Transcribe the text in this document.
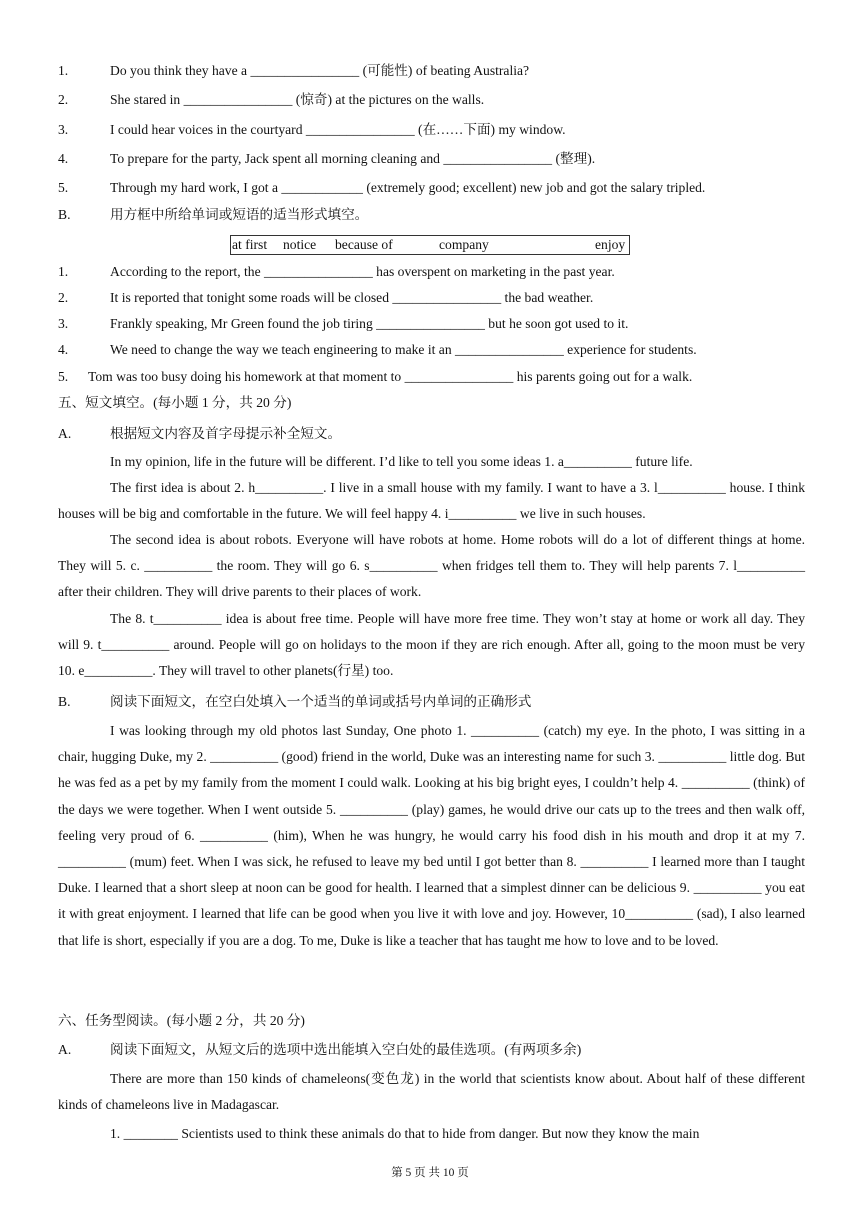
1.	Do you think they have a ________________ (可能性) of beating Australia?
2.	She stared in ________________ (惊奇) at the pictures on the walls.
3.	I could hear voices in the courtyard ________________ (在……下面) my window.
4.	To prepare for the party, Jack spent all morning cleaning and ________________ (整理).
5.	Through my hard work, I got a ____________ (extremely good; excellent) new job and got the salary tripled.
B.	用方框中所给单词或短语的适当形式填空。
at first notice because of	company	enjoy
1.	According to the report, the ________________ has overspent on marketing in the past year.
2.	It is reported that tonight some roads will be closed ________________ the bad weather.
3.	Frankly speaking, Mr Green found the job tiring ________________ but he soon got used to it.
4.	We need to change the way we teach engineering to make it an ________________ experience for students.
5. Tom was too busy doing his homework at that moment to ________________ his parents going out for a walk.
五、短文填空。(每小题 1 分，共 20 分)
A.	根据短文内容及首字母提示补全短文。

In my opinion, life in the future will be different. I’d like to tell you some ideas 1. a__________ future life.

The first idea is about 2. h__________. I live in a small house with my family. I want to have a 3. l__________ house. I think houses will be big and comfortable in the future. We will feel happy 4. i__________ we live in such houses.

The second idea is about robots. Everyone will have robots at home. Home robots will do a lot of different things at home. They will 5. c. __________ the room. They will go 6. s__________ when fridges tell them to. They will help parents 7. l__________ after their children. They will drive parents to their places of work.

The 8. t__________ idea is about free time. People will have more free time. They won’t stay at home or work all day. They will 9. t__________ around. People will go on holidays to the moon if they are rich enough. After all, going to the moon must be very 10. e__________. They will travel to other planets(行星) too.

B.	阅读下面短文，在空白处填入一个适当的单词或括号内单词的正确形式

I was looking through my old photos last Sunday, One photo 1. __________ (catch) my eye. In the photo, I was sitting in a chair, hugging Duke, my 2. __________ (good) friend in the world, Duke was an interesting name for such 3. __________ little dog. But he was fed as a pet by my family from the moment I could walk. Looking at his big bright eyes, I couldn’t help 4. __________ (think) of the days we were together. When I went outside 5. __________ (play) games, he would drive our cats up to the trees and then walk off, feeling very proud of 6. __________ (him), When he was hungry, he would carry his food dish in his mouth and drop it at my 7. __________ (mum) feet. When I was sick, he refused to leave my bed until I got better than 8. __________ I learned more than I taught Duke. I learned that a short sleep at noon can be good for health. I learned that a simplest dinner can be delicious 9. __________ you eat it with great enjoyment. I learned that life can be good when you live it with love and joy. However, 10__________ (sad), I also learned that life is short, especially if you are a dog. To me, Duke is like a teacher that has taught me how to love and to be loved.

六、任务型阅读。(每小题 2 分，共 20 分)
A.	阅读下面短文，从短文后的选项中选出能填入空白处的最佳选项。(有两项多余)

There are more than 150 kinds of chameleons(变色龙) in the world that scientists know about. About half of these different kinds of chameleons live in Madagascar.

1. ________ Scientists used to think these animals do that to hide from danger. But now they know the main

第 5 页 共 10 页
